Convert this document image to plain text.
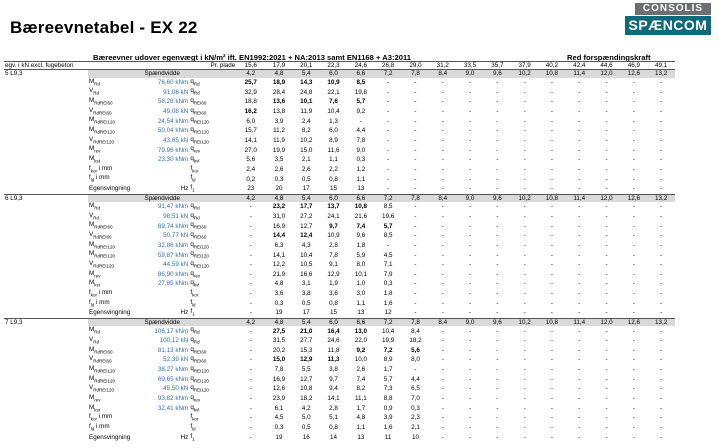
Bæreevnetabel - EX 22
CONSOLIS
SPÆNCOM
Bæreevner udover egenvægt i kN/m² ift. EN1992:2021 + NA:2013 samt EN1168 + A3:2011	Red forspændingskraft
egv. i kN excl. fugebeton			Pr. plade	15,6	17,9	20,1	22,3	24,6	26,8	29,0	31,2	33,5	35,7	37,9	40,2	42,4	44,6	46,9	49,1
5 L9,3	Spændvidde			4,2	4,8	5,4	6,0	6,6	7,2	7,8	8,4	9,0	9,6	10,2	10,8	11,4	12,0	12,6	13,2
	$M_{Rd}$	76,60 kNm	$q_{Rd}$	25,7	18,9	14,3	10,9	8,5	-	-	-	-	-	-	-	-	-	-	-
	$V_{Rd}$	91,06 kN	$q_{Rd}$	32,9	28,4	24,8	22,1	19,8	-	-	-	-	-	-	-	-	-	-	-
	$M_{RdREI60}$	58,28 kNm	$q_{REI60}$	18,8	13,6	10,1	7,6	5,7	-	-	-	-	-	-	-	-	-	-	-
	$V_{RdREI60}$	49,08 kN	$q_{REI60}$	16,2	13,8	11,9	10,4	9,2	-	-	-	-	-	-	-	-	-	-	-
	$M_{RdREI120}$	24,54 kNm	$q_{REI120}$	6,0	3,9	2,4	1,3	-	-	-	-	-	-	-	-	-	-	-	-
	$M_{RdREI120}$	50,04 kNm	$q_{REI120}$	15,7	11,2	8,2	6,0	4,4	-	-	-	-	-	-	-	-	-	-	-
	$V_{RdREI120}$	43,65 kN	$q_{REI120}$	14,1	11,9	10,2	8,9	7,8	-	-	-	-	-	-	-	-	-	-	-
	$M_{rev}$	79,96 kNm	$q_{rev}$	27,0	19,9	15,0	11,6	9,0	-	-	-	-	-	-	-	-	-	-	-
	$M_{kst}$	23,30 kNm	$q_{kvl}$	5,6	3,5	2,1	1,1	0,3	-	-	-	-	-	-	-	-	-	-	-
	$f_{kor}$ i mm		$f_{kor}$	2,4	2,6	2,6	2,2	1,2	-	-	-	-	-	-	-	-	-	-	-
	$f_{ld}$ i mm		$f_{ld}$	0,2	0,3	0,5	0,8	1,1	-	-	-	-	-	-	-	-	-	-	-
	Egensvingning	Hz	$f_1$	23	20	17	15	13	-	-	-	-	-	-	-	-	-	-	-
6 L9,3	Spændvidde			4,2	4,8	5,4	6,0	6,6	7,2	7,8	8,4	9,0	9,6	10,2	10,8	11,4	12,0	12,6	13,2
	$M_{Rd}$	91,47 kNm	$q_{Rd}$	-	23,2	17,7	13,7	10,8	8,5	-	-	-	-	-	-	-	-	-	-
	$V_{Rd}$	98,51 kN	$q_{Rd}$	-	31,0	27,2	24,1	21,6	19,6	-	-	-	-	-	-	-	-	-	-
	$M_{RdREI60}$	69,74 kNm	$q_{REI60}$	-	16,9	12,7	9,7	7,4	5,7	-	-	-	-	-	-	-	-	-	-
	$V_{RdREI60}$	50,77 kN	$q_{REI60}$	-	14,4	12,4	10,9	9,6	8,5	-	-	-	-	-	-	-	-	-	-
	$M_{RdREI120}$	32,86 kNm	$q_{REI120}$	-	6,3	4,3	2,8	1,8	-	-	-	-	-	-	-	-	-	-	-
	$M_{RdREI120}$	59,87 kNm	$q_{REI120}$	-	14,1	10,4	7,8	5,9	4,5	-	-	-	-	-	-	-	-	-	-
	$V_{RdREI120}$	44,59 kN	$q_{REI120}$	-	12,2	10,5	9,1	8,0	7,1	-	-	-	-	-	-	-	-	-	-
	$M_{rev}$	86,90 kNm	$q_{rev}$	-	21,9	16,6	12,9	10,1	7,9	-	-	-	-	-	-	-	-	-	-
	$M_{kst}$	27,85 kNm	$q_{kvl}$	-	4,8	3,1	1,9	1,0	0,3	-	-	-	-	-	-	-	-	-	-
	$f_{kor}$ i mm		$f_{kor}$	-	3,6	3,8	3,6	3,0	1,8	-	-	-	-	-	-	-	-	-	-
	$f_{ld}$ i mm		$f_{ld}$	-	0,3	0,5	0,8	1,1	1,6	-	-	-	-	-	-	-	-	-	-
	Egensvingning	Hz	$f_1$	-	19	17	15	13	12	-	-	-	-	-	-	-	-	-	-
7 L9,3	Spændvidde			4,2	4,8	5,4	6,0	6,6	7,2	7,8	8,4	9,0	9,6	10,2	10,8	11,4	12,0	12,6	13,2
	$M_{Rd}$	106,17 kNm	$q_{Rd}$	-	27,5	21,0	16,4	13,0	10,4	8,4	-	-	-	-	-	-	-	-	-
	$V_{Rd}$	100,12 kN	$q_{Rd}$	-	31,5	27,7	24,6	22,0	19,9	18,2	-	-	-	-	-	-	-	-	-
	$M_{RdREI60}$	81,13 kNm	$q_{REI60}$	-	20,2	15,3	11,8	9,2	7,2	5,6	-	-	-	-	-	-	-	-	-
	$V_{RdREI60}$	52,39 kN	$q_{REI60}$	-	15,0	12,9	11,3	10,0	8,9	8,0	-	-	-	-	-	-	-	-	-
	$M_{RdREI120}$	38,27 kNm	$q_{REI120}$	-	7,8	5,5	3,8	2,6	1,7	-	-	-	-	-	-	-	-	-	-
	$M_{RdREI120}$	69,65 kNm	$q_{REI120}$	-	16,9	12,7	9,7	7,4	5,7	4,4	-	-	-	-	-	-	-	-	-
	$V_{RdREI120}$	45,50 kN	$q_{REI120}$	-	12,6	10,8	9,4	8,2	7,3	6,5	-	-	-	-	-	-	-	-	-
	$M_{rev}$	93,82 kNm	$q_{rev}$	-	23,9	18,2	14,1	11,1	8,8	7,0	-	-	-	-	-	-	-	-	-
	$M_{kst}$	32,41 kNm	$q_{kvl}$	-	6,1	4,2	2,8	1,7	0,9	0,3	-	-	-	-	-	-	-	-	-
	$f_{kor}$ i mm		$f_{kor}$	-	4,5	5,0	5,1	4,8	3,9	2,3	-	-	-	-	-	-	-	-	-
	$f_{ld}$ i mm		$f_{ld}$	-	0,3	0,5	0,8	1,1	1,6	2,1	-	-	-	-	-	-	-	-	-
	Egensvingning	Hz	$f_1$	-	19	16	14	13	11	10	-	-	-	-	-	-	-	-	-
